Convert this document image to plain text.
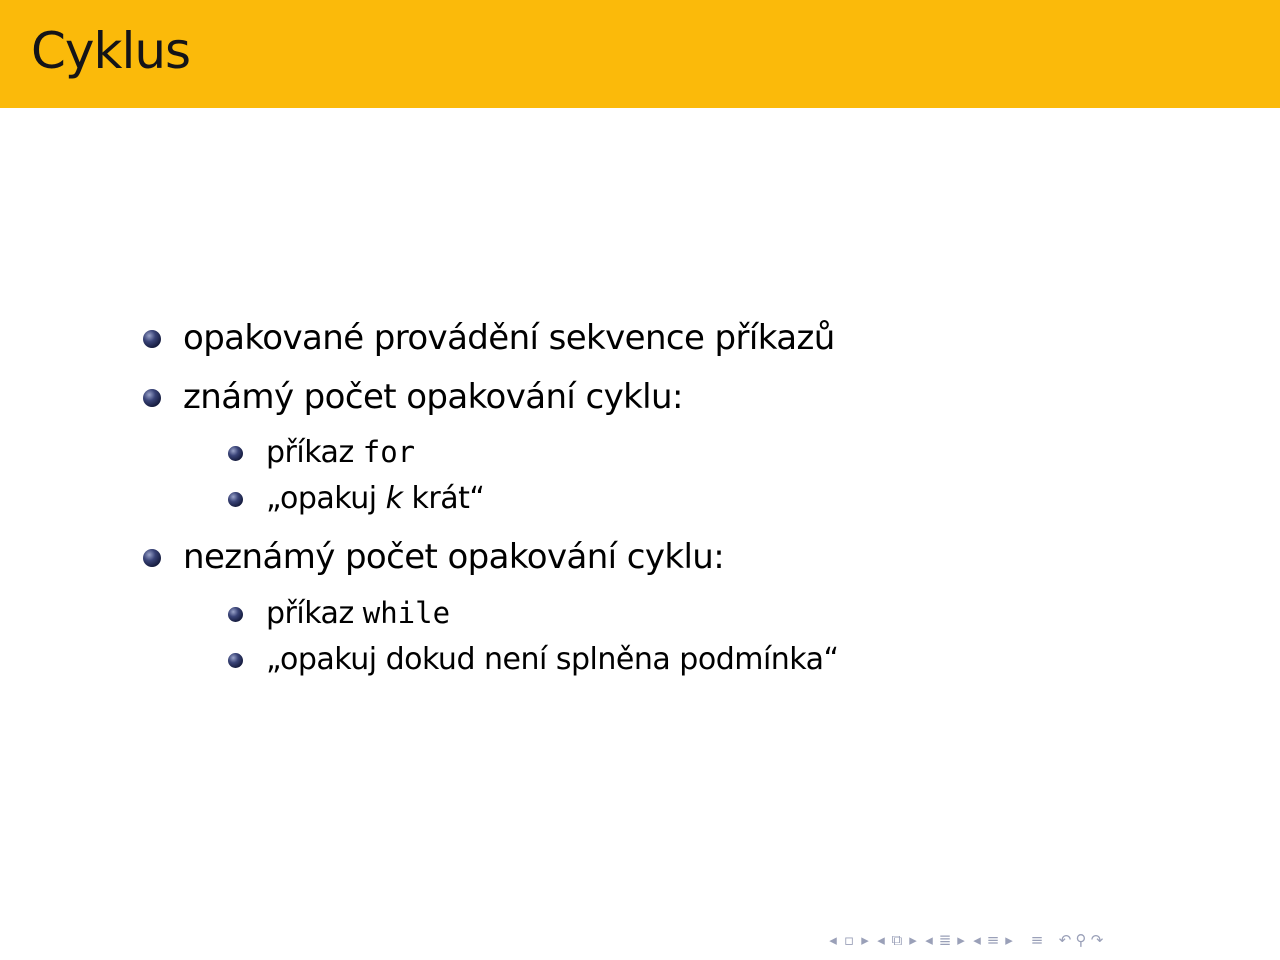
Cyklus
opakované provádění sekvence příkazů
známý počet opakování cyklu:
příkaz for
„opakuj k krát“
neznámý počet opakování cyklu:
příkaz while
„opakuj dokud není splněna podmínka“
◂ ▫ ▸ ◂ ⧉ ▸ ◂ ≣ ▸ ◂ ≡ ▸ ≡ ↶ ⚲ ↷
